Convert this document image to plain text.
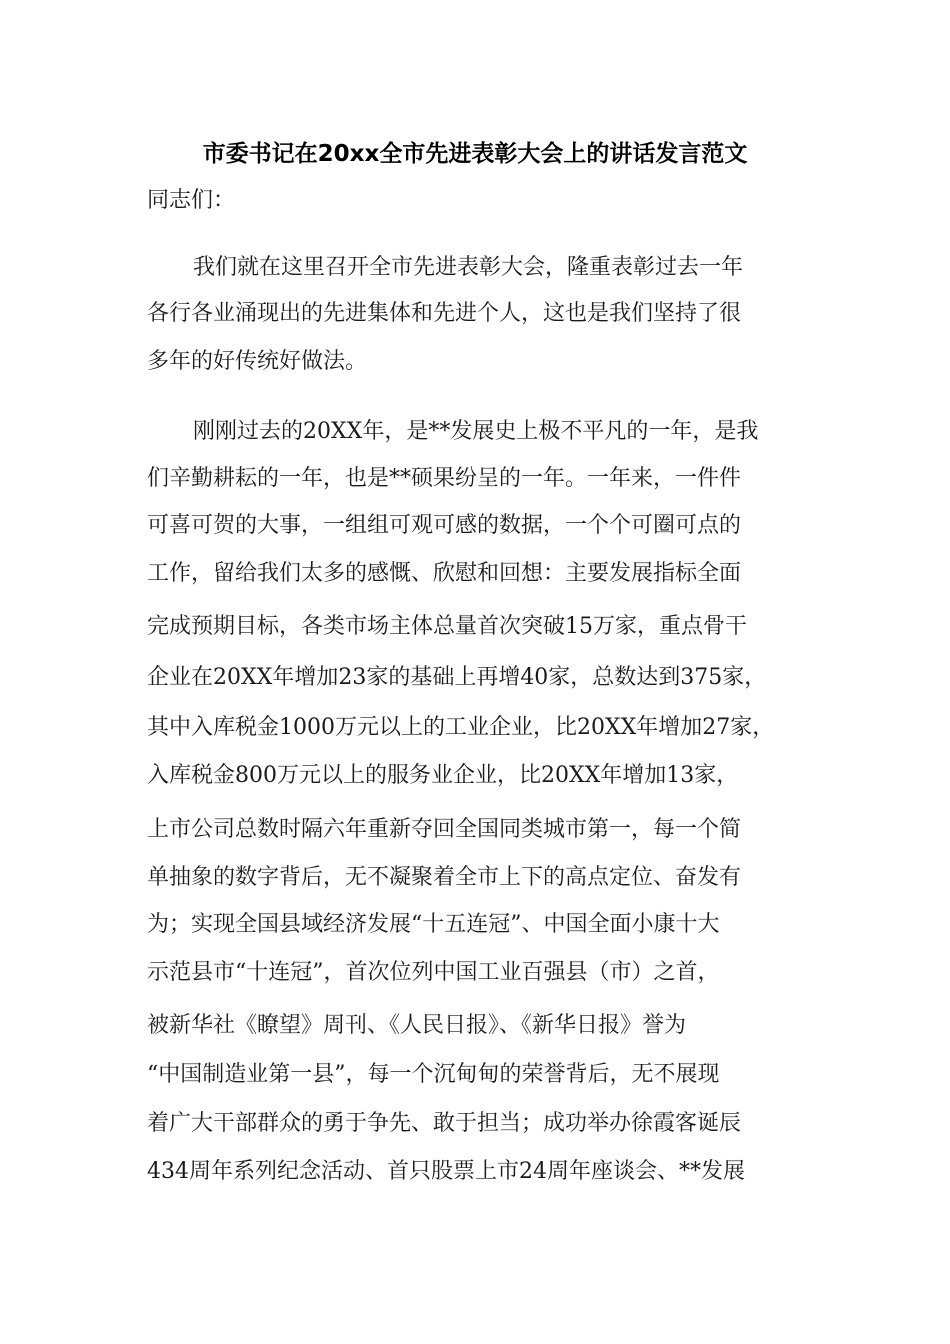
市委书记在20xx全市先进表彰大会上的讲话发言范文

同志们：

我们就在这里召开全市先进表彰大会，隆重表彰过去一年

各行各业涌现出的先进集体和先进个人，这也是我们坚持了很

多年的好传统好做法。

刚刚过去的20XX年，是**发展史上极不平凡的一年，是我

们辛勤耕耘的一年，也是**硕果纷呈的一年。一年来，一件件

可喜可贺的大事，一组组可观可感的数据，一个个可圈可点的

工作，留给我们太多的感慨、欣慰和回想：主要发展指标全面

完成预期目标，各类市场主体总量首次突破15万家，重点骨干

企业在20XX年增加23家的基础上再增40家，总数达到375家，

其中入库税金1000万元以上的工业企业，比20XX年增加27家，

入库税金800万元以上的服务业企业，比20XX年增加13家，

上市公司总数时隔六年重新夺回全国同类城市第一，每一个简

单抽象的数字背后，无不凝聚着全市上下的高点定位、奋发有

为；实现全国县域经济发展“十五连冠”、中国全面小康十大

示范县市“十连冠”，首次位列中国工业百强县（市）之首，

被新华社《瞭望》周刊、《人民日报》、《新华日报》誉为

“中国制造业第一县”，每一个沉甸甸的荣誉背后，无不展现

着广大干部群众的勇于争先、敢于担当；成功举办徐霞客诞辰

434周年系列纪念活动、首只股票上市24周年座谈会、**发展
